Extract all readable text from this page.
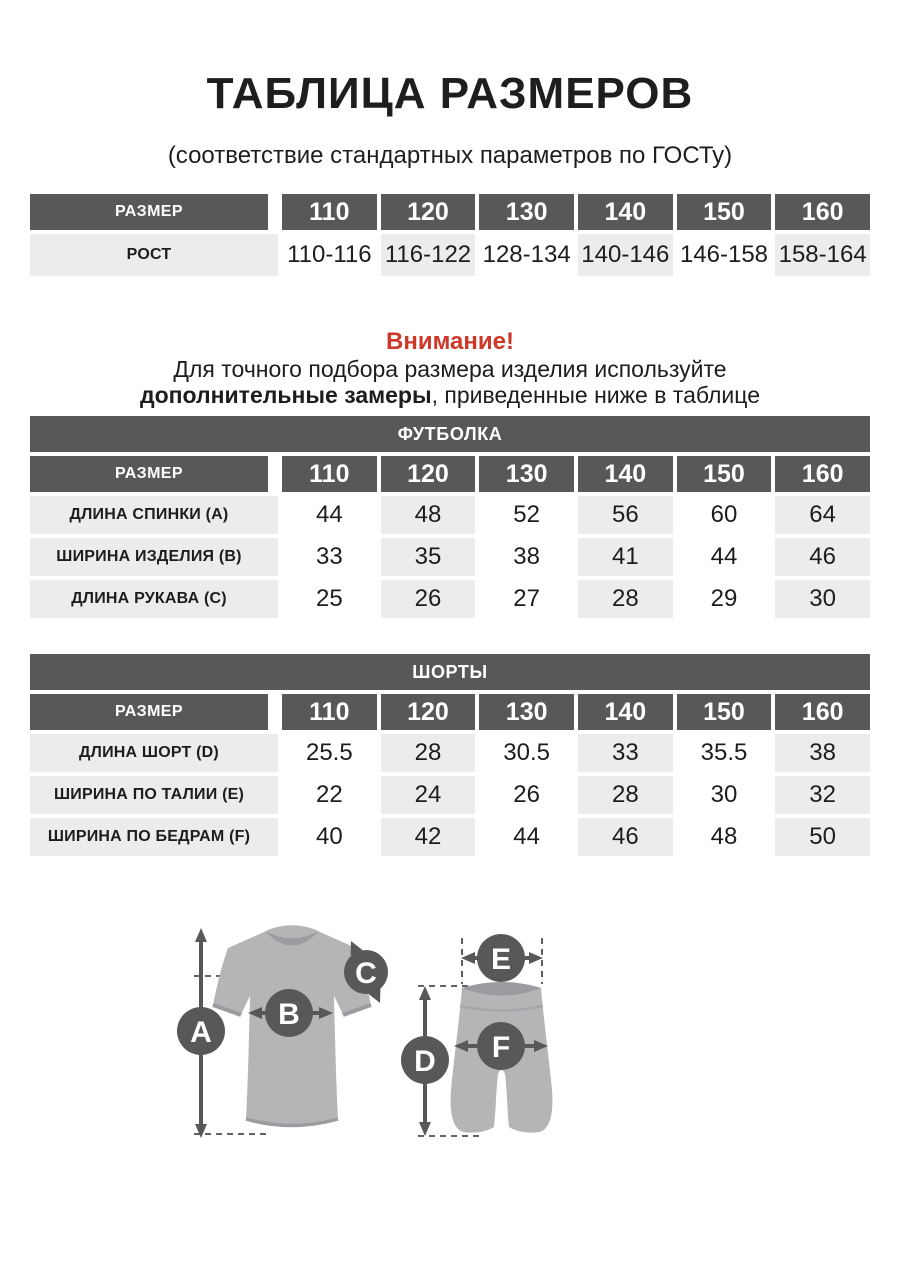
ТАБЛИЦА РАЗМЕРОВ
(соответствие стандартных параметров по ГОСТу)
РАЗМЕР	110	120	130	140	150	160
РОСТ	110-116 116-122 128-134 140-146 146-158 158-164
Внимание!
Для точного подбора размера изделия используйте
дополнительные замеры, приведенные ниже в таблице
ФУТБОЛКА
РАЗМЕР	110	120	130	140	150	160
ДЛИНА СПИНКИ (A)	44	48	52	56	60	64
ШИРИНА ИЗДЕЛИЯ (B)	33	35	38	41	44	46
ДЛИНА РУКАВА (C)	25	26	27	28	29	30
ШОРТЫ
РАЗМЕР	110	120	130	140	150	160
ДЛИНА ШОРТ (D)	25.5	28	30.5	33	35.5	38
ШИРИНА ПО ТАЛИИ (E)	22	24	26	28	30	32
ШИРИНА ПО БЕДРАМ (F)	40	42	44	46	48	50
A
B
C	E
D F
